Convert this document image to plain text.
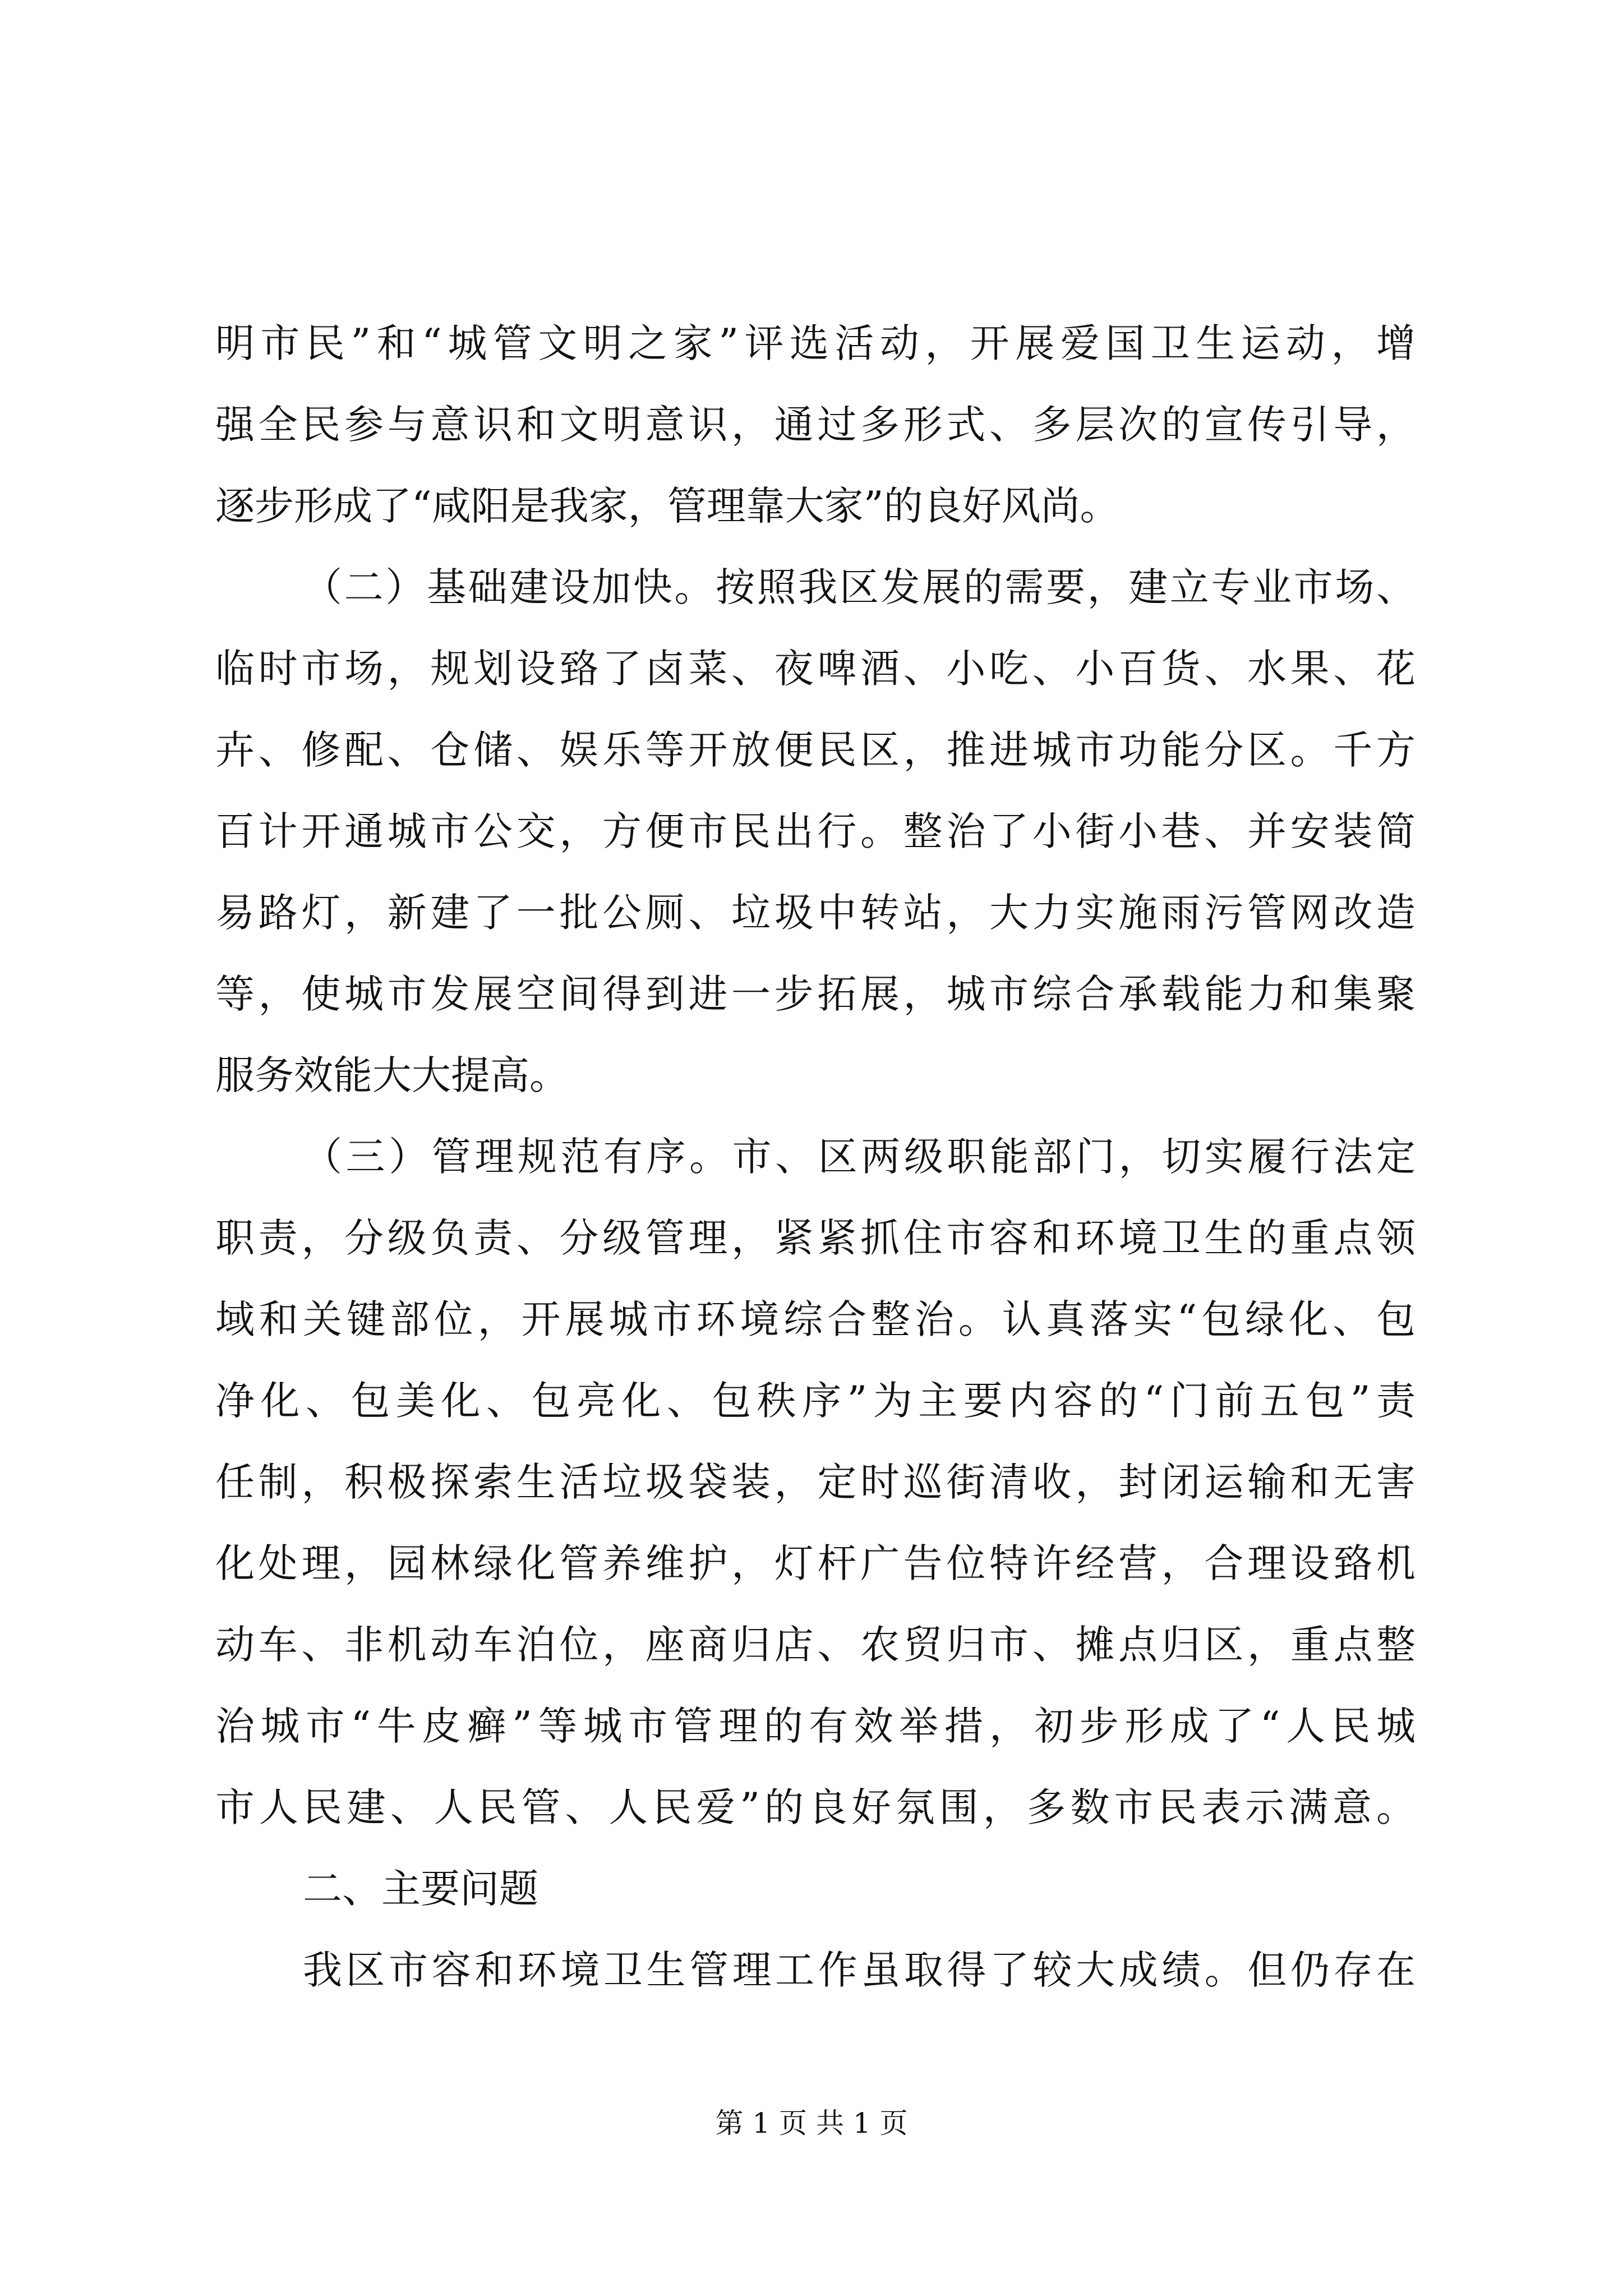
明市民”和“城管文明之家”评选活动，开展爱国卫生运动，增
强全民参与意识和文明意识，通过多形式、多层次的宣传引导，
逐步形成了“咸阳是我家，管理靠大家”的良好风尚。
（二）基础建设加快。按照我区发展的需要，建立专业市场、
临时市场，规划设臵了卤菜、夜啤酒、小吃、小百货、水果、花
卉、修配、仓储、娱乐等开放便民区，推进城市功能分区。千方
百计开通城市公交，方便市民出行。整治了小街小巷、并安装简
易路灯，新建了一批公厕、垃圾中转站，大力实施雨污管网改造
等，使城市发展空间得到进一步拓展，城市综合承载能力和集聚
服务效能大大提高。
（三）管理规范有序。市、区两级职能部门，切实履行法定
职责，分级负责、分级管理，紧紧抓住市容和环境卫生的重点领
域和关键部位，开展城市环境综合整治。认真落实“包绿化、包
净化、包美化、包亮化、包秩序”为主要内容的“门前五包”责
任制，积极探索生活垃圾袋装，定时巡街清收，封闭运输和无害
化处理，园林绿化管养维护，灯杆广告位特许经营，合理设臵机
动车、非机动车泊位，座商归店、农贸归市、摊点归区，重点整
治城市“牛皮癣”等城市管理的有效举措，初步形成了“人民城
市人民建、人民管、人民爱”的良好氛围，多数市民表示满意。
二、主要问题
我区市容和环境卫生管理工作虽取得了较大成绩。但仍存在
第 1 页 共 1 页
